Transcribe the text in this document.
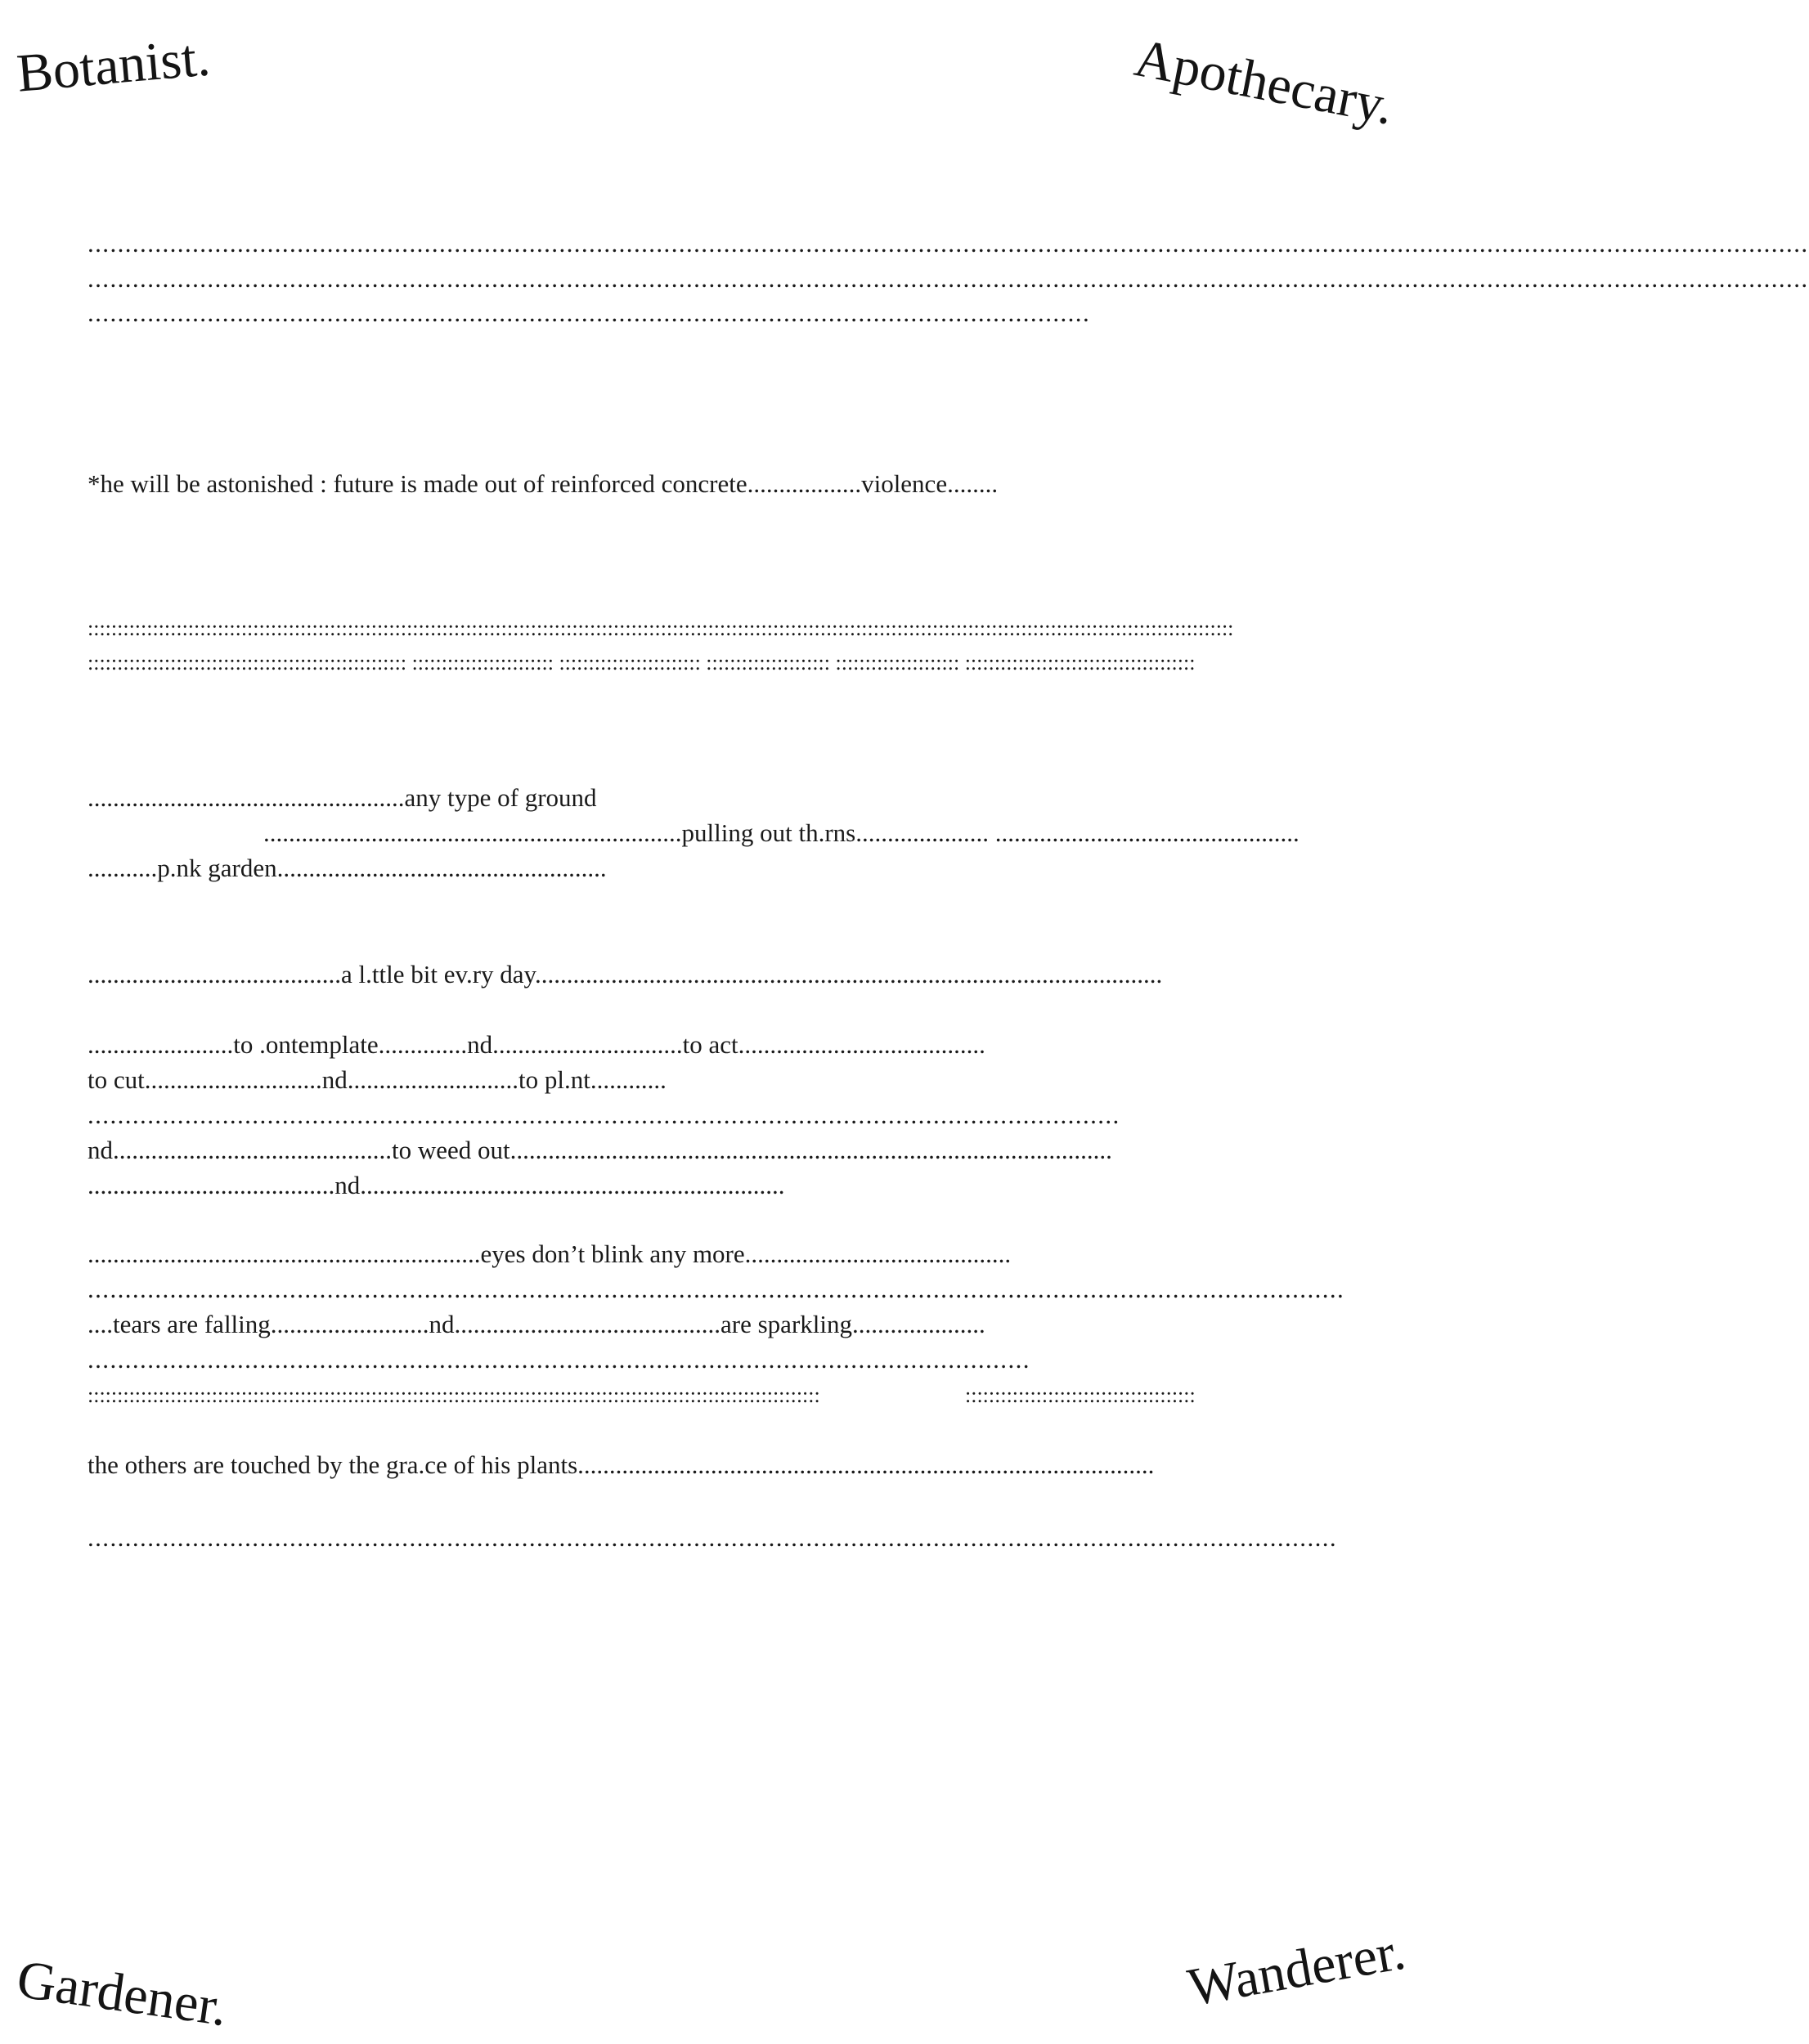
Botanist.	Apothecary.
Gardener.	Wanderer.
......................................................................................................................................................................................................................................
......................................................................................................................................................................................................................................
......................................................................................................................................
*he will be astonished : future is made out of reinforced concrete..................violence........
::::::::::::::::::::::::::::::::::::::::::::::::::::::::::::::::::::::::::::::::::::::::::::::::::::::::::::::::::::::::::::::::::::::::::::::::::::::::::::::::::::::::::::::::::::::::::::::::::
:::::::::::::::::::::::::::::::::::::::::::::::::::::: :::::::::::::::::::::::: :::::::::::::::::::::::: ::::::::::::::::::::: ::::::::::::::::::::: :::::::::::::::::::::::::::::::::::::::
..................................................any type of ground
..................................................................pulling out th.rns..................... ................................................
...........p.nk garden....................................................
........................................a l.ttle bit ev.ry day...................................................................................................
.......................to .ontemplate..............nd..............................to act.......................................
to cut............................nd...........................to pl.nt............
..........................................................................................................................................
nd............................................to weed out...............................................................................................
.......................................nd...................................................................
..............................................................eyes don’t blink any more..........................................
........................................................................................................................................................................
....tears are falling.........................nd..........................................are sparkling.....................
..............................................................................................................................
::::::::::::::::::::::::::::::::::::::::::::::::::::::::::::::::::::::::::::::::::::::::::::::::::::::::::::::::::::::::::::	:::::::::::::::::::::::::::::::::::::::
the others are touched by the gra.ce of his plants...........................................................................................
.......................................................................................................................................................................
